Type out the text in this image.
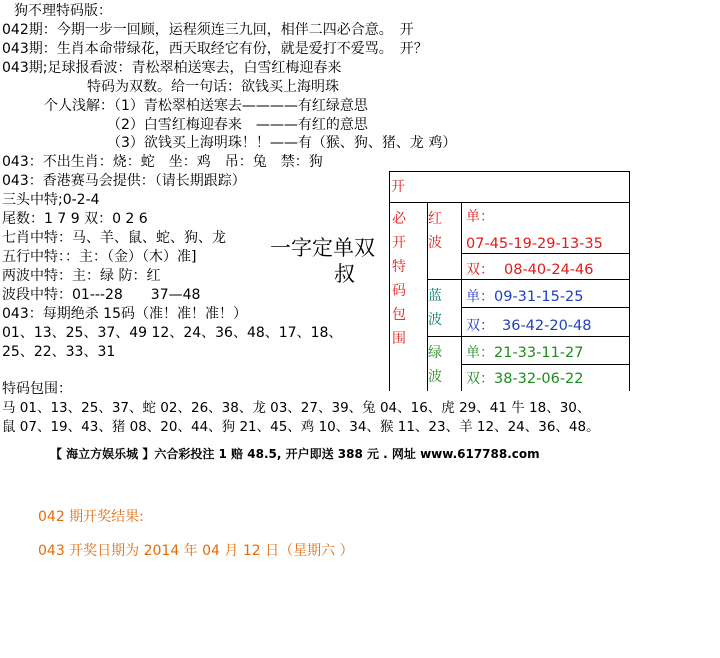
狗不理特码版：
042期：今期一步一回顾，运程须连三九回，相伴二四必合意。　开
043期：生肖本命带绿花，西天取经它有份，就是爱打不爱骂。　开？
043期;足球报看波：青松翠柏送寒去，白雪红梅迎春来
特码为双数。给一句话：欲钱买上海明珠
个人浅解：（1）青松翠柏送寒去————有红绿意思
（2）白雪红梅迎春来　———有红的意思
（3）欲钱买上海明珠！！——有（猴、狗、猪、龙 鸡）
043：不出生肖：烧：蛇　坐：鸡　吊：兔　禁：狗
043：香港赛马会提供：（请长期跟踪）
三头中特;0-2-4
尾数：1 7 9 双：0 2 6
七肖中特：马、羊、鼠、蛇、狗、龙
五行中特：：主：（金）（木）准]
两波中特：主：绿 防：红
波段中特：01---28　　37—48
043：每期绝杀 15码（准！准！准！）
01、13、25、37、49 12、24、36、48、17、18、
25、22、33、31
特码包围：
马 01、13、25、37、蛇 02、26、38、龙 03、27、39、兔 04、16、虎 29、41 牛 18、30、
鼠 07、19、43、猪 08、20、44、狗 21、45、鸡 10、34、猴 11、23、羊 12、24、36、48。
一字定单双
叔
【 海立方娱乐城 】六合彩投注 1 赔 48.5, 开户即送 388 元 . 网址 www.617788.com
042 期开奖结果:
043 开奖日期为 2014 年 04 月 12 日（星期六 ）
开
必开特码包围
红波
蓝波
绿波
单：
07-45-19-29-13-35
双： 08-40-24-46
单： 09-31-15-25
双： 36-42-20-48
单： 21-33-11-27
双： 38-32-06-22
